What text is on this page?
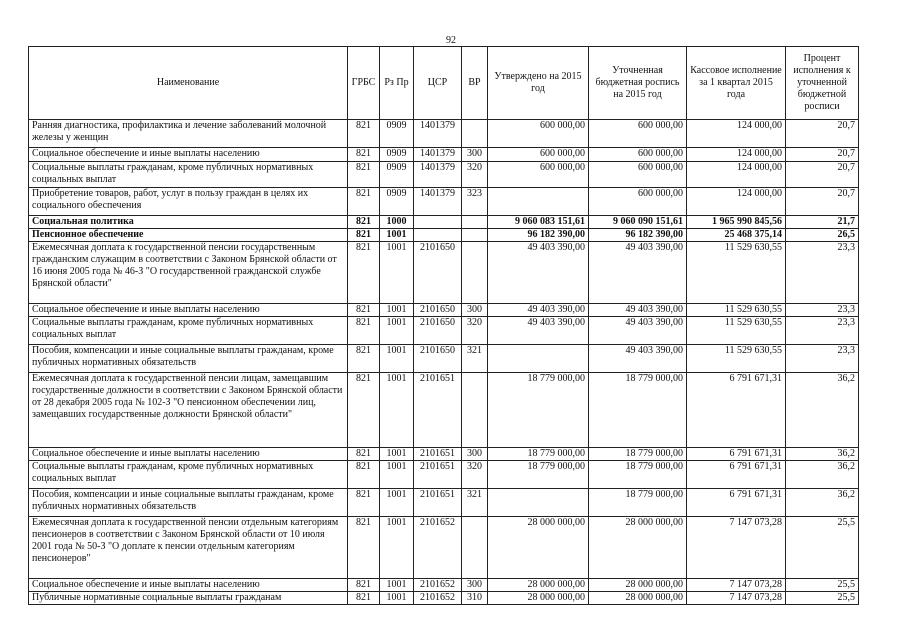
92
Наименование	ГРБС	Рз Пр	ЦСР	ВР	Утверждено на 2015 год	Уточненная бюджетная роспись на 2015 год	Кассовое исполнение за 1 квартал 2015 года	Процент исполнения к уточненной бюджетной росписи
Ранняя диагностика, профилактика и лечение заболеваний молочной железы у женщин	821	0909	1401379		600 000,00	600 000,00	124 000,00	20,7
Социальное обеспечение и иные выплаты населению	821	0909	1401379	300	600 000,00	600 000,00	124 000,00	20,7
Социальные выплаты гражданам, кроме публичных нормативных социальных выплат	821	0909	1401379	320	600 000,00	600 000,00	124 000,00	20,7
Приобретение товаров, работ, услуг в пользу граждан в целях их социального обеспечения	821	0909	1401379	323		600 000,00	124 000,00	20,7
Социальная политика	821	1000			9 060 083 151,61	9 060 090 151,61	1 965 990 845,56	21,7
Пенсионное обеспечение	821	1001			96 182 390,00	96 182 390,00	25 468 375,14	26,5
Ежемесячная доплата к государственной пенсии государственным гражданским служащим в соответствии с Законом Брянской области от 16 июня 2005 года № 46-З "О государственной гражданской службе Брянской области"	821	1001	2101650		49 403 390,00	49 403 390,00	11 529 630,55	23,3
Социальное обеспечение и иные выплаты населению	821	1001	2101650	300	49 403 390,00	49 403 390,00	11 529 630,55	23,3
Социальные выплаты гражданам, кроме публичных нормативных социальных выплат	821	1001	2101650	320	49 403 390,00	49 403 390,00	11 529 630,55	23,3
Пособия, компенсации и иные социальные выплаты гражданам, кроме публичных нормативных обязательств	821	1001	2101650	321		49 403 390,00	11 529 630,55	23,3
Ежемесячная доплата к государственной пенсии лицам, замещавшим государственные должности в соответствии с Законом Брянской области от 28 декабря 2005 года № 102-З "О пенсионном обеспечении лиц, замещавших государственные должности Брянской области"	821	1001	2101651		18 779 000,00	18 779 000,00	6 791 671,31	36,2
Социальное обеспечение и иные выплаты населению	821	1001	2101651	300	18 779 000,00	18 779 000,00	6 791 671,31	36,2
Социальные выплаты гражданам, кроме публичных нормативных социальных выплат	821	1001	2101651	320	18 779 000,00	18 779 000,00	6 791 671,31	36,2
Пособия, компенсации и иные социальные выплаты гражданам, кроме публичных нормативных обязательств	821	1001	2101651	321		18 779 000,00	6 791 671,31	36,2
Ежемесячная доплата к государственной пенсии отдельным категориям пенсионеров в соответствии с Законом Брянской области от 10 июля 2001 года № 50-З "О доплате к пенсии отдельным категориям пенсионеров"	821	1001	2101652		28 000 000,00	28 000 000,00	7 147 073,28	25,5
Социальное обеспечение и иные выплаты населению	821	1001	2101652	300	28 000 000,00	28 000 000,00	7 147 073,28	25,5
Публичные нормативные социальные выплаты гражданам	821	1001	2101652	310	28 000 000,00	28 000 000,00	7 147 073,28	25,5
